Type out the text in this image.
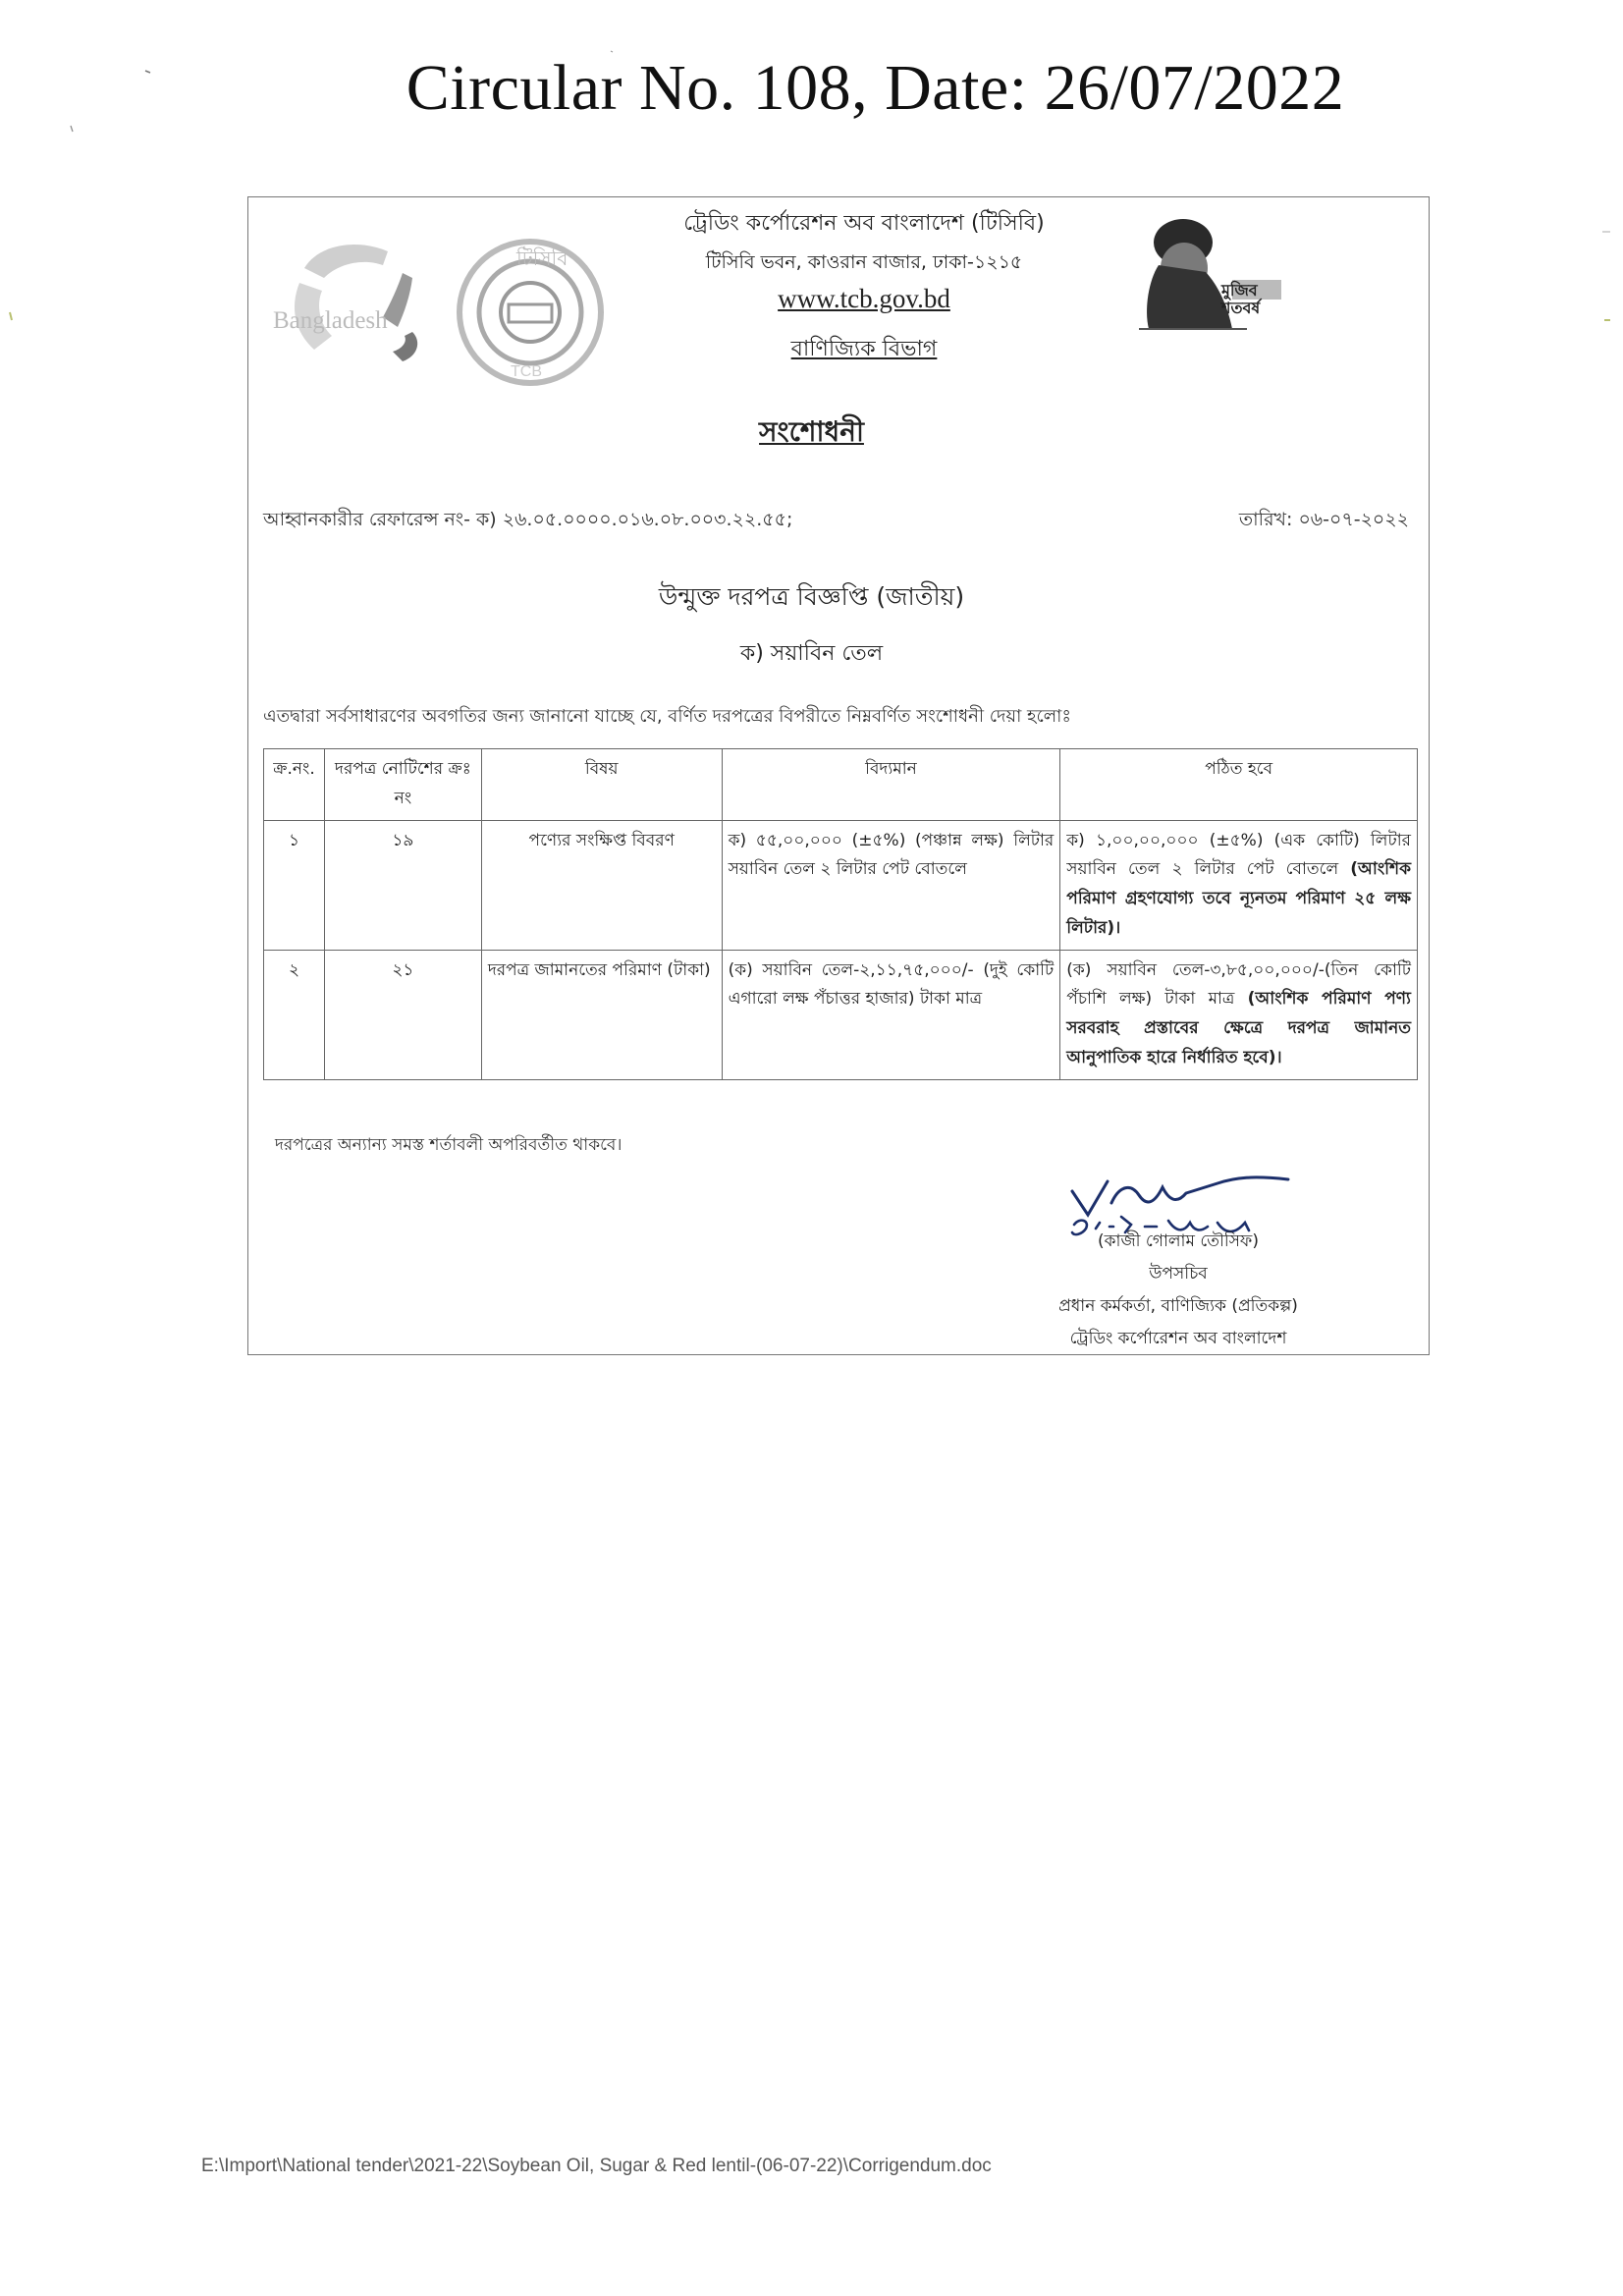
Circular No. 108, Date: 26/07/2022
টিসিবি
TCB
Bangladesh
মুজিব শতবর্ষ
ট্রেডিং কর্পোরেশন অব বাংলাদেশ (টিসিবি)
টিসিবি ভবন, কাওরান বাজার, ঢাকা-১২১৫
www.tcb.gov.bd
বাণিজ্যিক বিভাগ
সংশোধনী
আহ্বানকারীর রেফারেন্স নং- ক) ২৬.০৫.০০০০.০১৬.০৮.০০৩.২২.৫৫;	তারিখ: ০৬-০৭-২০২২
উন্মুক্ত দরপত্র বিজ্ঞপ্তি (জাতীয়)
ক) সয়াবিন তেল
এতদ্বারা সর্বসাধারণের অবগতির জন্য জানানো যাচ্ছে যে, বর্ণিত দরপত্রের বিপরীতে নিম্নবর্ণিত সংশোধনী দেয়া হলোঃ
ক্র.নং.	দরপত্র নোটিশের ক্রঃ নং	বিষয়	বিদ্যমান	পঠিত হবে
১	১৯	পণ্যের সংক্ষিপ্ত বিবরণ	ক) ৫৫,০০,০০০ (±৫%) (পঞ্চান্ন লক্ষ) লিটার সয়াবিন তেল ২ লিটার পেট বোতলে	ক) ১,০০,০০,০০০ (±৫%) (এক কোটি) লিটার সয়াবিন তেল ২ লিটার পেট বোতলে (আংশিক পরিমাণ গ্রহণযোগ্য তবে ন্যূনতম পরিমাণ ২৫ লক্ষ লিটার)।
২	২১	দরপত্র জামানতের পরিমাণ (টাকা)	(ক) সয়াবিন তেল-২,১১,৭৫,০০০/- (দুই কোটি এগারো লক্ষ পঁচাত্তর হাজার) টাকা মাত্র	(ক) সয়াবিন তেল-৩,৮৫,০০,০০০/-(তিন কোটি পঁচাশি লক্ষ) টাকা মাত্র (আংশিক পরিমাণ পণ্য সরবরাহ প্রস্তাবের ক্ষেত্রে দরপত্র জামানত আনুপাতিক হারে নির্ধারিত হবে)।
দরপত্রের অন্যান্য সমস্ত শর্তাবলী অপরিবর্তীত থাকবে।
(কাজী গোলাম তৌসিফ)
উপসচিব
প্রধান কর্মকর্তা, বাণিজ্যিক (প্রতিকল্প)
ট্রেডিং কর্পোরেশন অব বাংলাদেশ
E:\Import\National tender\2021-22\Soybean Oil, Sugar & Red lentil-(06-07-22)\Corrigendum.doc
